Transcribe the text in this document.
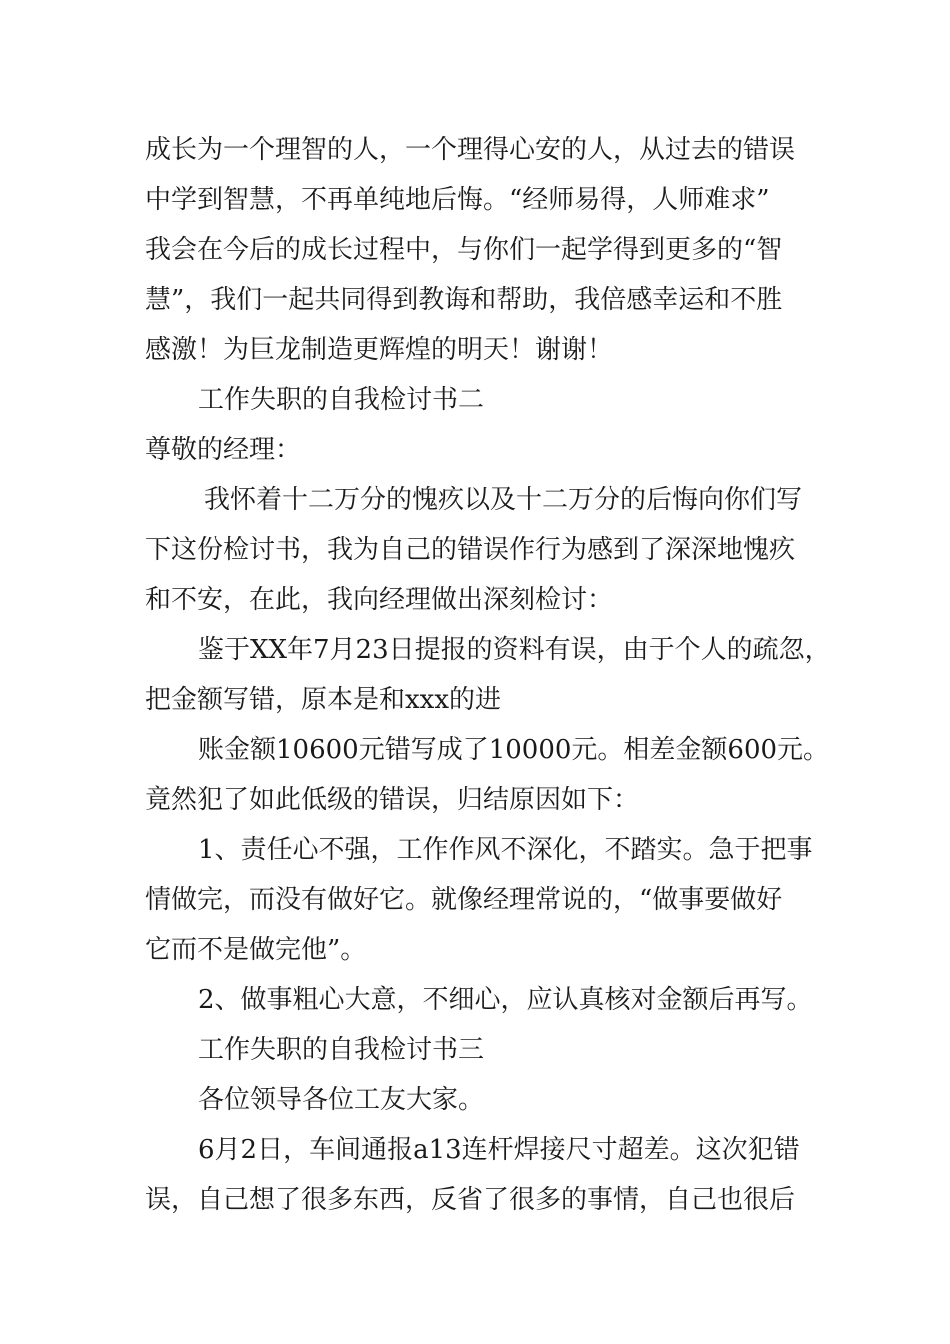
成长为一个理智的人，一个理得心安的人，从过去的错误
中学到智慧，不再单纯地后悔。“经师易得，人师难求”
我会在今后的成长过程中，与你们一起学得到更多的“智
慧”，我们一起共同得到教诲和帮助，我倍感幸运和不胜
感激！为巨龙制造更辉煌的明天！谢谢！
工作失职的自我检讨书二
尊敬的经理：
我怀着十二万分的愧疚以及十二万分的后悔向你们写
下这份检讨书，我为自己的错误作行为感到了深深地愧疚
和不安，在此，我向经理做出深刻检讨：
鉴于XX年7月23日提报的资料有误，由于个人的疏忽，
把金额写错，原本是和xxx的进
账金额10600元错写成了10000元。相差金额600元。
竟然犯了如此低级的错误，归结原因如下：
1、责任心不强，工作作风不深化，不踏实。急于把事
情做完，而没有做好它。就像经理常说的，“做事要做好
它而不是做完他”。
2、做事粗心大意，不细心，应认真核对金额后再写。
工作失职的自我检讨书三
各位领导各位工友大家。
6月2日，车间通报a13连杆焊接尺寸超差。这次犯错
误，自己想了很多东西，反省了很多的事情，自己也很后
